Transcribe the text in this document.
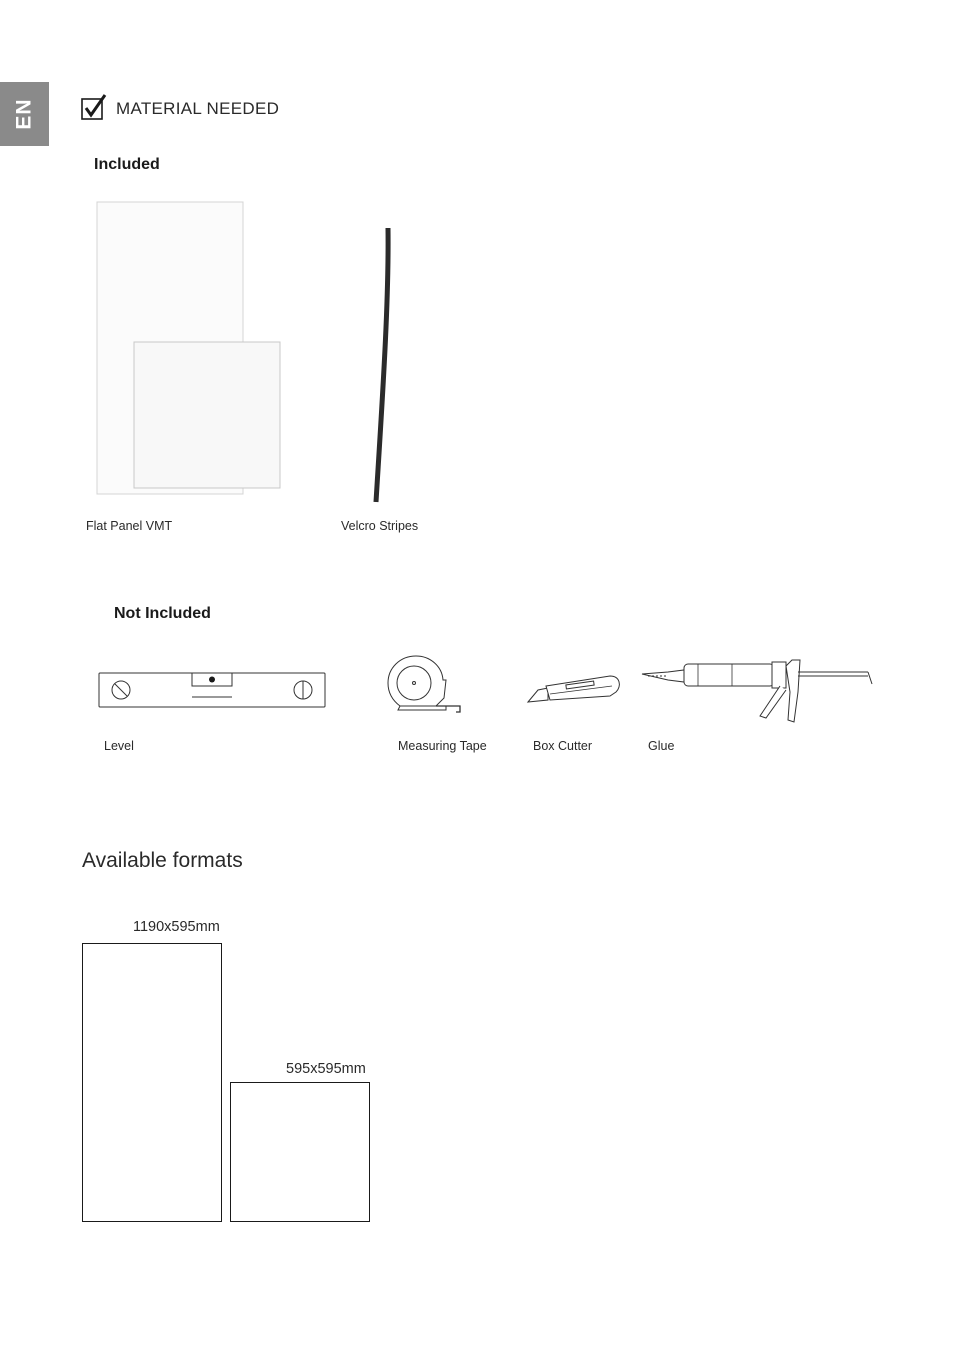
EN	MATERIAL NEEDED
Included
Flat Panel VMT	Velcro Stripes
Not Included
Level	Measuring Tape	Box Cutter	Glue
Available formats
1190x595mm
595x595mm
